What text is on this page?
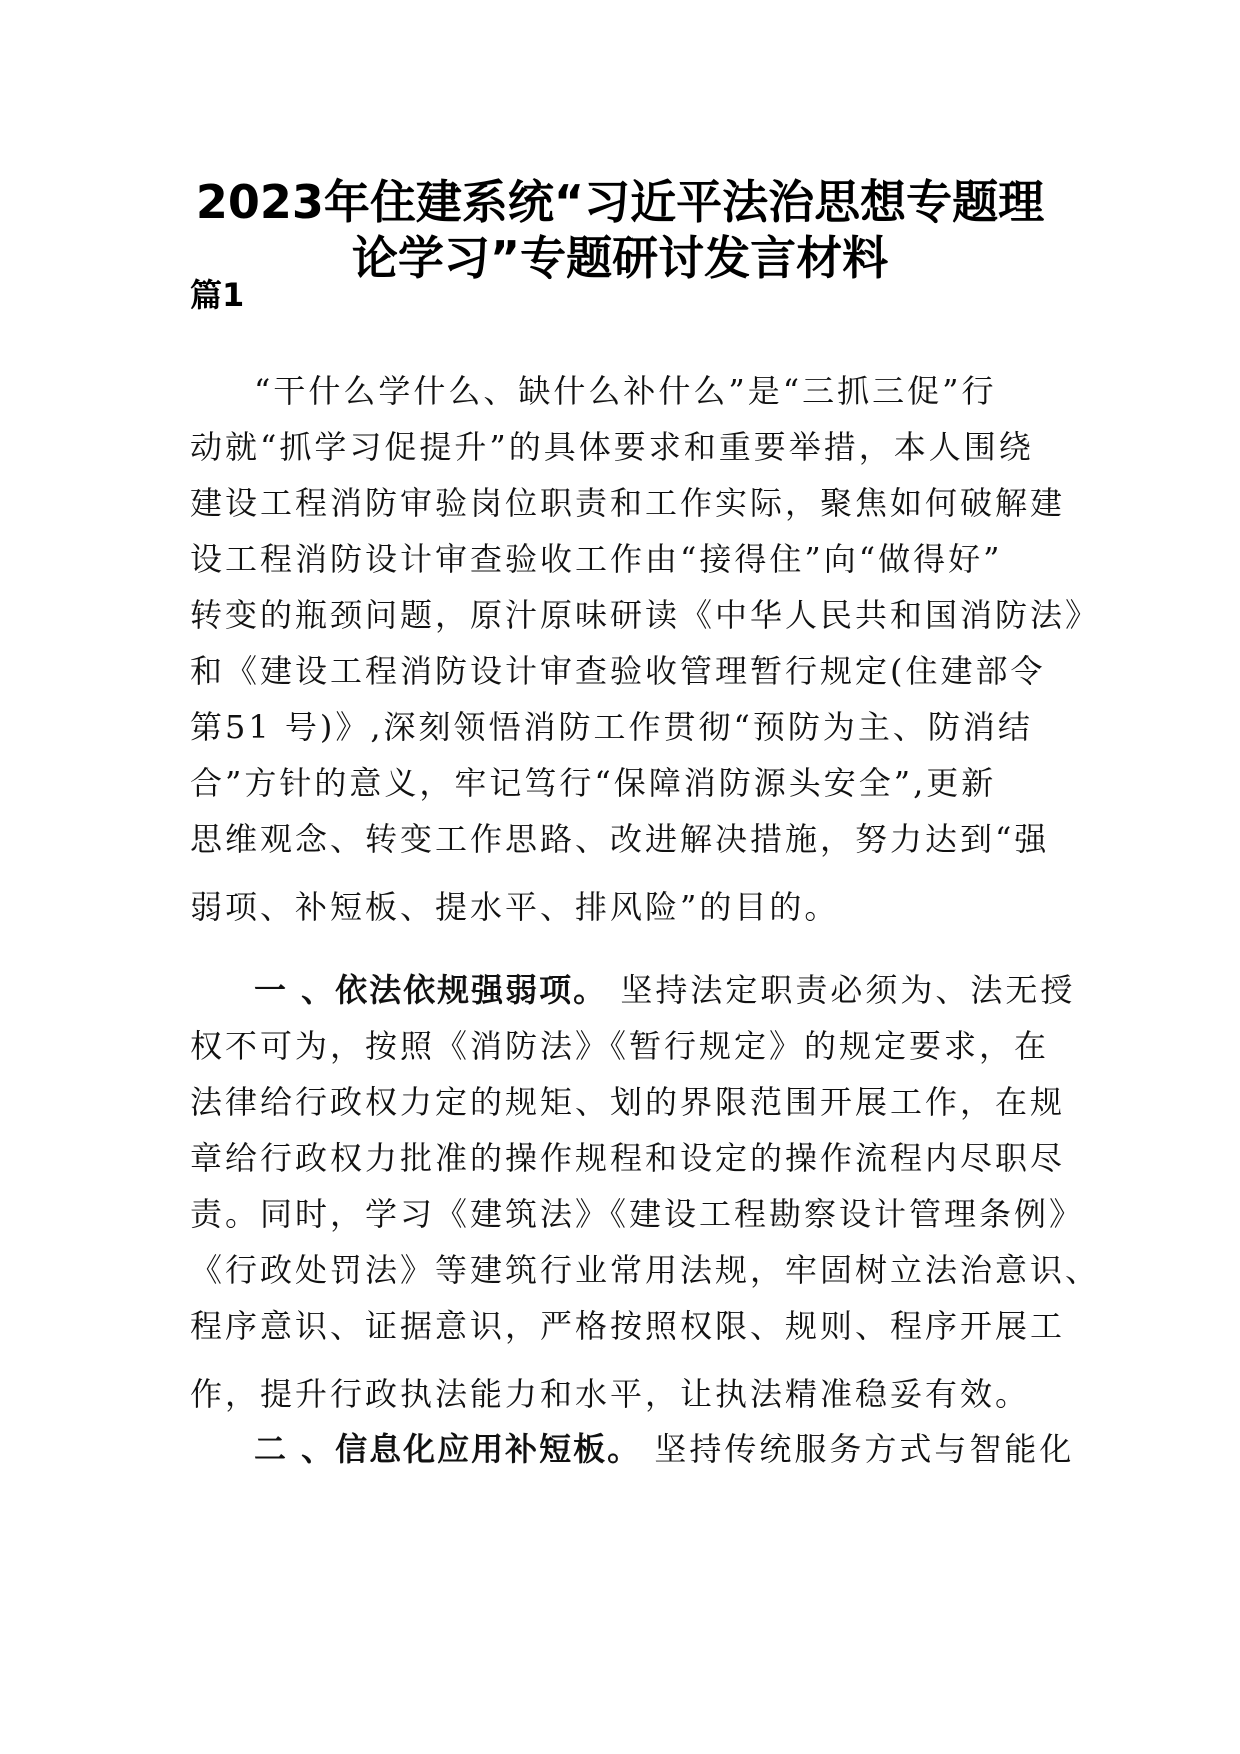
2023年住建系统“习近平法治思想专题理
论学习”专题研讨发言材料
篇1
“干什么学什么、缺什么补什么”是“三抓三促”行
动就“抓学习促提升”的具体要求和重要举措，本人围绕
建设工程消防审验岗位职责和工作实际，聚焦如何破解建
设工程消防设计审查验收工作由“接得住”向“做得好”
转变的瓶颈问题，原汁原味研读《中华人民共和国消防法》
和《建设工程消防设计审查验收管理暂行规定(住建部令
第51 号)》,深刻领悟消防工作贯彻“预防为主、防消结
合”方针的意义，牢记笃行“保障消防源头安全”,更新
思维观念、转变工作思路、改进解决措施，努力达到“强
弱项、补短板、提水平、排风险”的目的。
一 、依法依规强弱项。 坚持法定职责必须为、法无授
权不可为，按照《消防法》《暂行规定》的规定要求，在
法律给行政权力定的规矩、划的界限范围开展工作，在规
章给行政权力批准的操作规程和设定的操作流程内尽职尽
责。同时，学习《建筑法》《建设工程勘察设计管理条例》
《行政处罚法》等建筑行业常用法规，牢固树立法治意识、
程序意识、证据意识，严格按照权限、规则、程序开展工
作，提升行政执法能力和水平，让执法精准稳妥有效。
二 、信息化应用补短板。 坚持传统服务方式与智能化
